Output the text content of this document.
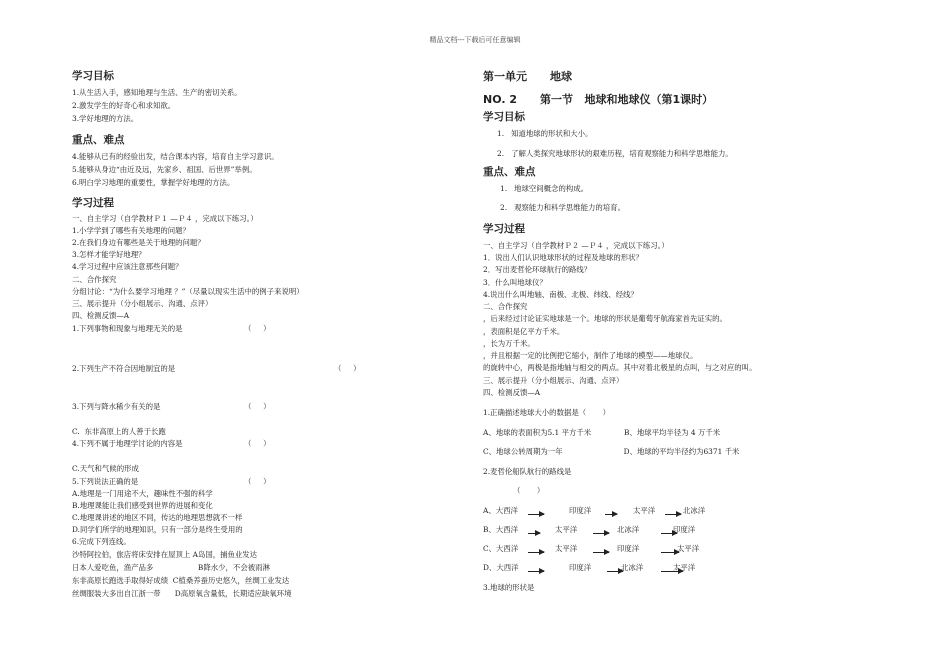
精品文档---下载后可任意编辑

学习目标

1.从生活入手，感知地理与生活、生产的密切关系。

2.激发学生的好奇心和求知欲。

3.学好地理的方法。

重点、难点

4.能够从已有的经验出发，结合课本内容，培育自主学习意识。

5.能够从身边“由近及远，先家乡、祖国、后世界”举例。

6.明白学习地理的重要性，掌握学好地理的方法。

学习过程

一、自主学习（自学教材Ｐ１ —Ｐ４ ，完成以下练习。）

1.小学学到了哪些有关地理的问题？

2.在我们身边有哪些是关于地理的问题？

3.怎样才能学好地理？

4.学习过程中应该注意那些问题？

二、合作探究

分组讨论：“为什么要学习地理 ？”（尽量以现实生活中的例子来说明）

三、展示提升（分小组展示、沟通、点评）

四、检测反馈—A

1.下列事物和现象与地理无关的是	（     ）

2.下列生产不符合因地制宜的是	（     ）

3.下列与降水稀少有关的是	（     ）

C.  东非高原上的人善于长跑

4.下列不属于地理学讨论的内容是	（     ）

C.天气和气候的形成

5.下列说法正确的是	（     ）

A.地理是一门用途不大，趣味性不强的科学

B.地理课能让我们感受到世界的进展和变化

C.地理课讲述的地区不同，传达的地理思想就不一样

D.同学们所学的地理知识，只有一部分是终生受用的

6.完成下列连线。

沙特阿拉伯，旅店将床安排在屋顶上 A岛国，捕鱼业发达

日本人爱吃鱼，渔产品多                   B降水少，不会被雨淋

东非高原长跑选手取得好成绩  C植桑养蚕历史悠久，丝绸工业发达

丝绸服装大多出自江浙一带      D高原氧含量低，长期适应缺氧环境

第一单元      地球

NO. 2      第一节   地球和地球仪（第1课时）

学习目标

1.   知道地球的形状和大小。

2.   了解人类探究地球形状的艰难历程，培育观察能力和科学思维能力。

重点、难点

1.   地球空间概念的构成。

2.   观察能力和科学思维能力的培育。

学习过程

一、自主学习（自学教材Ｐ２ —Ｐ４ ，完成以下练习。）

1．说出人们认识地球形状的过程及地球的形状？

2．写出麦哲伦环球航行的路线？

3．什么叫地球仪？

4.说出什么叫地轴、南极、北极、纬线、经线？

二、合作探究

，后来经过讨论证实地球是一个。地球的形状是葡萄牙航海家首先证实的。

，表面积是亿平方千米。

，长为万千米。

，并且根据一定的比例把它缩小，制作了地球的模型——地球仪。

的旋转中心，两极是指地轴与相交的两点。其中对着北极星的点叫，与之对应的叫。

三、展示提升（分小组展示、沟通、点评）

四、检测反馈—A

1.正确描述地球大小的数据是（       ）

A、地球的表面积为5.1 平方千米              B、地球平均半径为 4 万千米

C、地球公转周期为一年                          D、地球的平均半径约为6371 千米

2.麦哲伦船队航行的路线是

（       ）

A、大西洋	印度洋	太平洋	北冰洋
B、大西洋	太平洋	北冰洋	印度洋
C、大西洋	太平洋	印度洋	太平洋
D、大西洋	印度洋	北冰洋	太平洋

3.地球的形状是
